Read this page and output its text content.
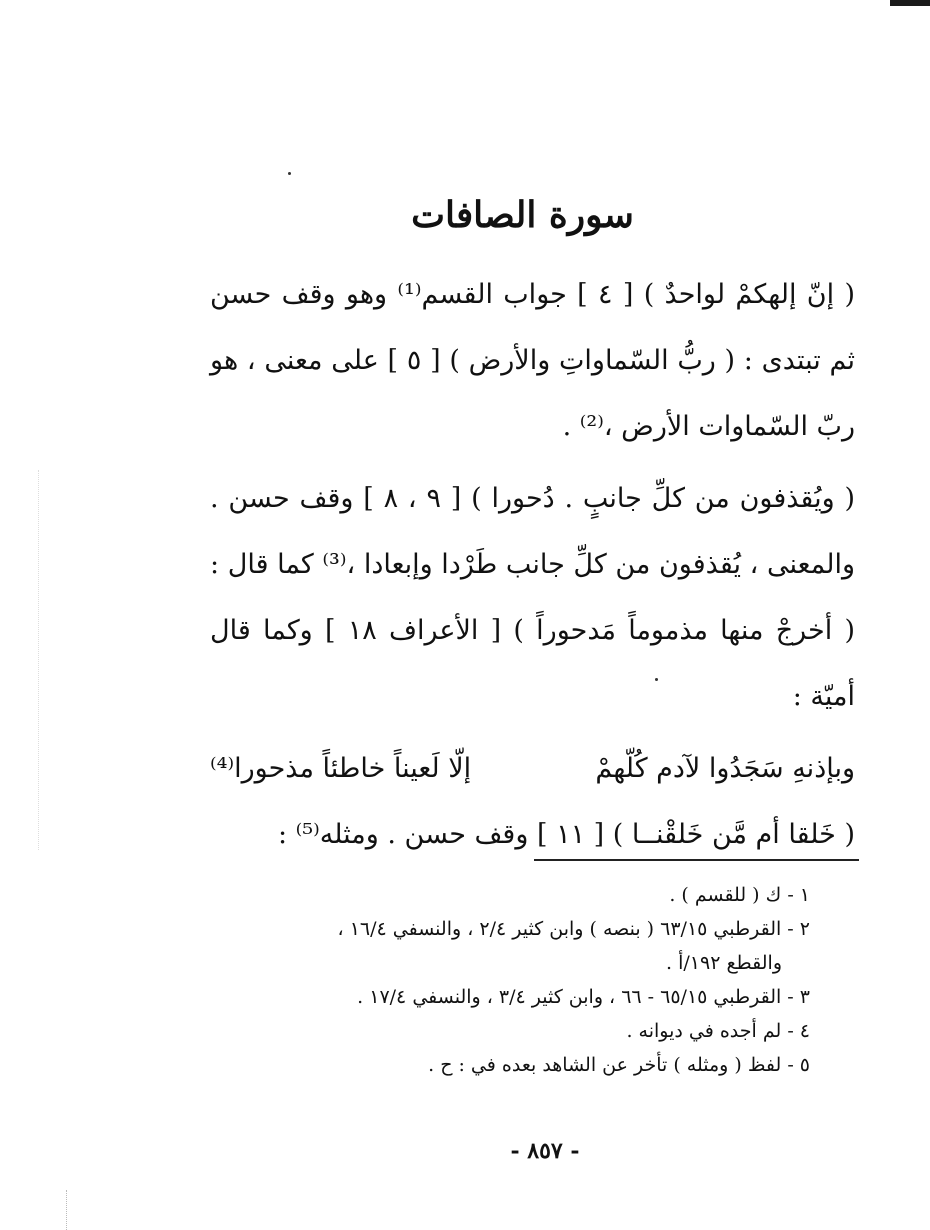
سورة الصافات

( إنّ إلهكمْ لواحدٌ ) [ ٤ ] جواب القسم⁽¹⁾ وهو وقف حسن ثم تبتدى : ( ربُّ السّماواتِ والأرض ) [ ٥ ] على معنى ، هو ربّ السّماوات الأرض ،⁽²⁾ .

( ويُقذفون من كلِّ جانبٍ . دُحورا ) [ ٩ ، ٨ ] وقف حسن . والمعنى ، يُقذفون من كلِّ جانب طَرْدا وإبعادا ،⁽³⁾ كما قال : ( أخرجْ منها مذموماً مَدحوراً ) [ الأعراف ١٨ ] وكما قال أميّة :

وبإذنهِ سَجَدُوا لآدم كُلّهمْ
إلّا لَعيناً خاطئاً مذحورا⁽⁴⁾
( خَلقا أم مَّن خَلقْنــا ) [ ١١ ] وقف حسن . ومثله⁽⁵⁾ :

١ - ك ( للقسم ) .

٢ - القرطبي ٦٣/١٥ ( بنصه ) وابن كثير ٢/٤ ، والنسفي ١٦/٤ ،

والقطع ١٩٢/أ .

٣ - القرطبي ٦٥/١٥ - ٦٦ ، وابن كثير ٣/٤ ، والنسفي ١٧/٤ .

٤ - لم أجده في ديوانه .

٥ - لفظ ( ومثله ) تأخر عن الشاهد بعده في : ح .

- ٨٥٧ -
